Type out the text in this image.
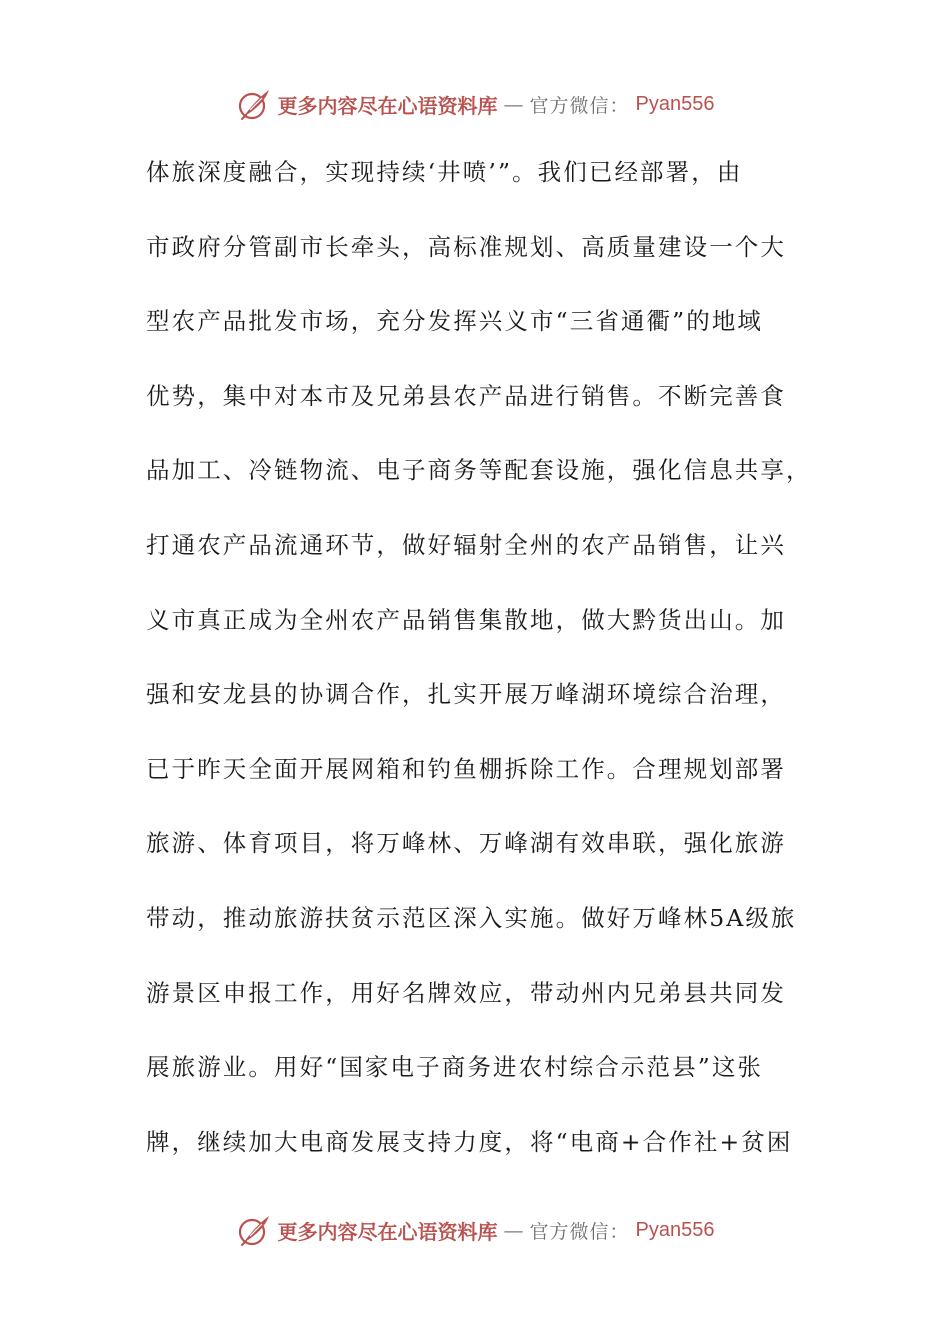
更多内容尽在心语资料库 — 官方微信： Pyan556
体旅深度融合，实现持续‘井喷’”。我们已经部署，由
市政府分管副市长牵头，高标准规划、高质量建设一个大
型农产品批发市场，充分发挥兴义市“三省通衢”的地域
优势，集中对本市及兄弟县农产品进行销售。不断完善食
品加工、冷链物流、电子商务等配套设施，强化信息共享，
打通农产品流通环节，做好辐射全州的农产品销售，让兴
义市真正成为全州农产品销售集散地，做大黔货出山。加
强和安龙县的协调合作，扎实开展万峰湖环境综合治理，
已于昨天全面开展网箱和钓鱼棚拆除工作。合理规划部署
旅游、体育项目，将万峰林、万峰湖有效串联，强化旅游
带动，推动旅游扶贫示范区深入实施。做好万峰林5A级旅
游景区申报工作，用好名牌效应，带动州内兄弟县共同发
展旅游业。用好“国家电子商务进农村综合示范县”这张
牌，继续加大电商发展支持力度，将“电商+合作社+贫困
更多内容尽在心语资料库 — 官方微信： Pyan556
